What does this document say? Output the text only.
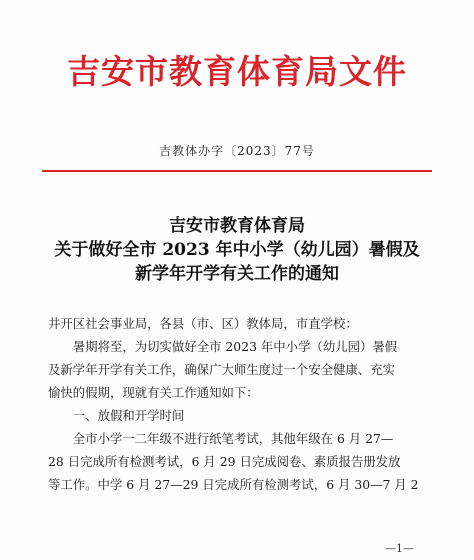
吉安市教育体育局文件
吉教体办字〔2023〕77号
吉安市教育体育局
关于做好全市 2023 年中小学（幼儿园）暑假及
新学年开学有关工作的通知

井开区社会事业局，各县（市、区）教体局，市直学校：

暑期将至，为切实做好全市 2023 年中小学（幼儿园）暑假

及新学年开学有关工作，确保广大师生度过一个安全健康、充实

愉快的假期，现就有关工作通知如下：

一、放假和开学时间

全市小学一二年级不进行纸笔考试，其他年级在 6 月 27—

28 日完成所有检测考试，6 月 29 日完成阅卷、素质报告册发放

等工作。中学 6 月 27—29 日完成所有检测考试，6 月 30—7 月 2

—1—
